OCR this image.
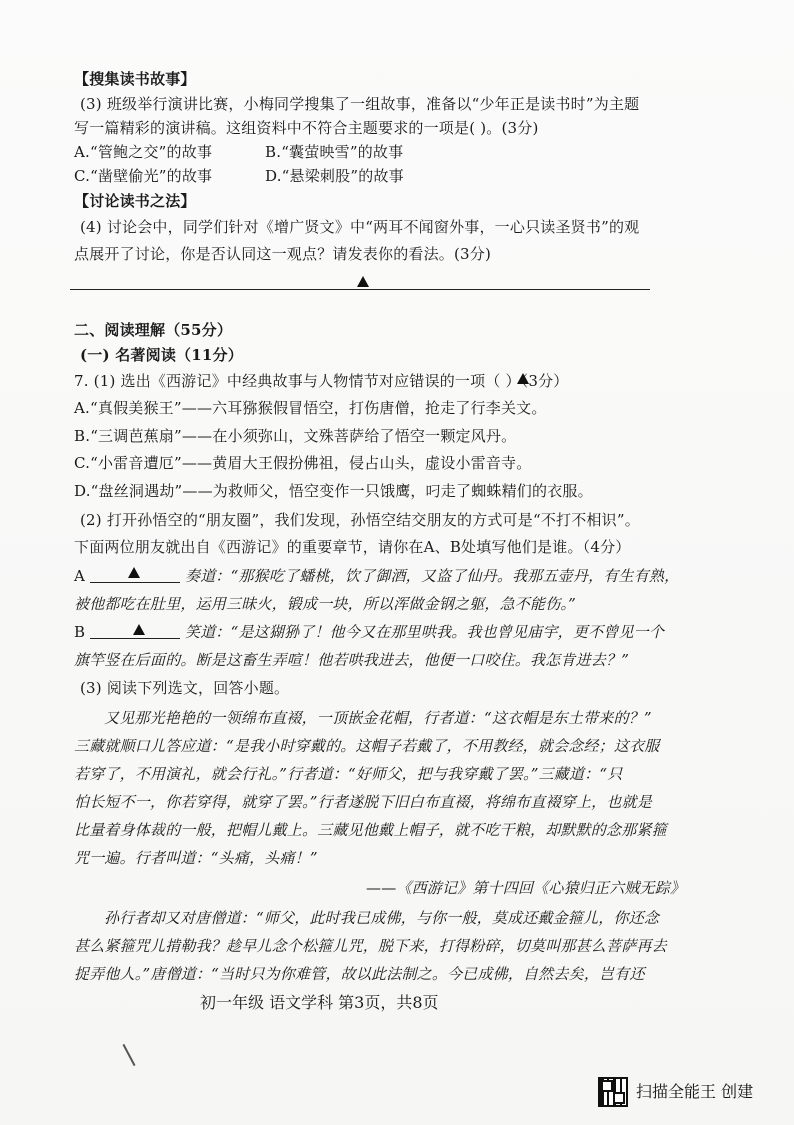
【搜集读书故事】
(3) 班级举行演讲比赛，小梅同学搜集了一组故事，准备以“少年正是读书时”为主题
写一篇精彩的演讲稿。这组资料中不符合主题要求的一项是( )。(3分)
A.“管鲍之交”的故事	B.“囊萤映雪”的故事
C.“凿壁偷光”的故事	D.“悬梁刺股”的故事
【讨论读书之法】
(4) 讨论会中，同学们针对《增广贤文》中“两耳不闻窗外事，一心只读圣贤书”的观
点展开了讨论，你是否认同这一观点？请发表你的看法。(3分)
二、阅读理解（55分）
(一) 名著阅读（11分）
7. (1) 选出《西游记》中经典故事与人物情节对应错误的一项（ ）（3分）
A.“真假美猴王”——六耳猕猴假冒悟空，打伤唐僧，抢走了行李关文。
B.“三调芭蕉扇”——在小须弥山，文殊菩萨给了悟空一颗定风丹。
C.“小雷音遭厄”——黄眉大王假扮佛祖，侵占山头，虚设小雷音寺。
D.“盘丝洞遇劫”——为救师父，悟空变作一只饿鹰，叼走了蜘蛛精们的衣服。
(2) 打开孙悟空的“朋友圈”，我们发现，孙悟空结交朋友的方式可是“不打不相识”。
下面两位朋友就出自《西游记》的重要章节，请你在A、B处填写他们是谁。（4分）
A	奏道：“那猴吃了蟠桃，饮了御酒，又盗了仙丹。我那五壶丹，有生有熟，
被他都吃在肚里，运用三昧火，锻成一块，所以浑做金钢之躯，急不能伤。”
B	笑道：“是这猢狲了！他今又在那里哄我。我也曾见庙宇，更不曾见一个
旗竿竖在后面的。断是这畜生弄喧！他若哄我进去，他便一口咬住。我怎肯进去？”
(3) 阅读下列选文，回答小题。
又见那光艳艳的一领绵布直裰，一顶嵌金花帽，行者道：“这衣帽是东土带来的？”
三藏就顺口儿答应道：“是我小时穿戴的。这帽子若戴了，不用教经，就会念经；这衣服
若穿了，不用演礼，就会行礼。”行者道：“好师父，把与我穿戴了罢。”三藏道：“只
怕长短不一，你若穿得，就穿了罢。”行者遂脱下旧白布直裰，将绵布直裰穿上，也就是
比量着身体裁的一般，把帽儿戴上。三藏见他戴上帽子，就不吃干粮，却默默的念那紧箍
咒一遍。行者叫道：“头痛，头痛！”
——《西游记》第十四回《心猿归正六贼无踪》
孙行者却又对唐僧道：“师父，此时我已成佛，与你一般，莫成还戴金箍儿，你还念
甚么紧箍咒儿掯勒我？趁早儿念个松箍儿咒，脱下来，打得粉碎，切莫叫那甚么菩萨再去
捉弄他人。”唐僧道：“当时只为你难管，故以此法制之。今已成佛，自然去矣，岂有还
初一年级 语文学科 第3页，共8页
扫描全能王 创建
